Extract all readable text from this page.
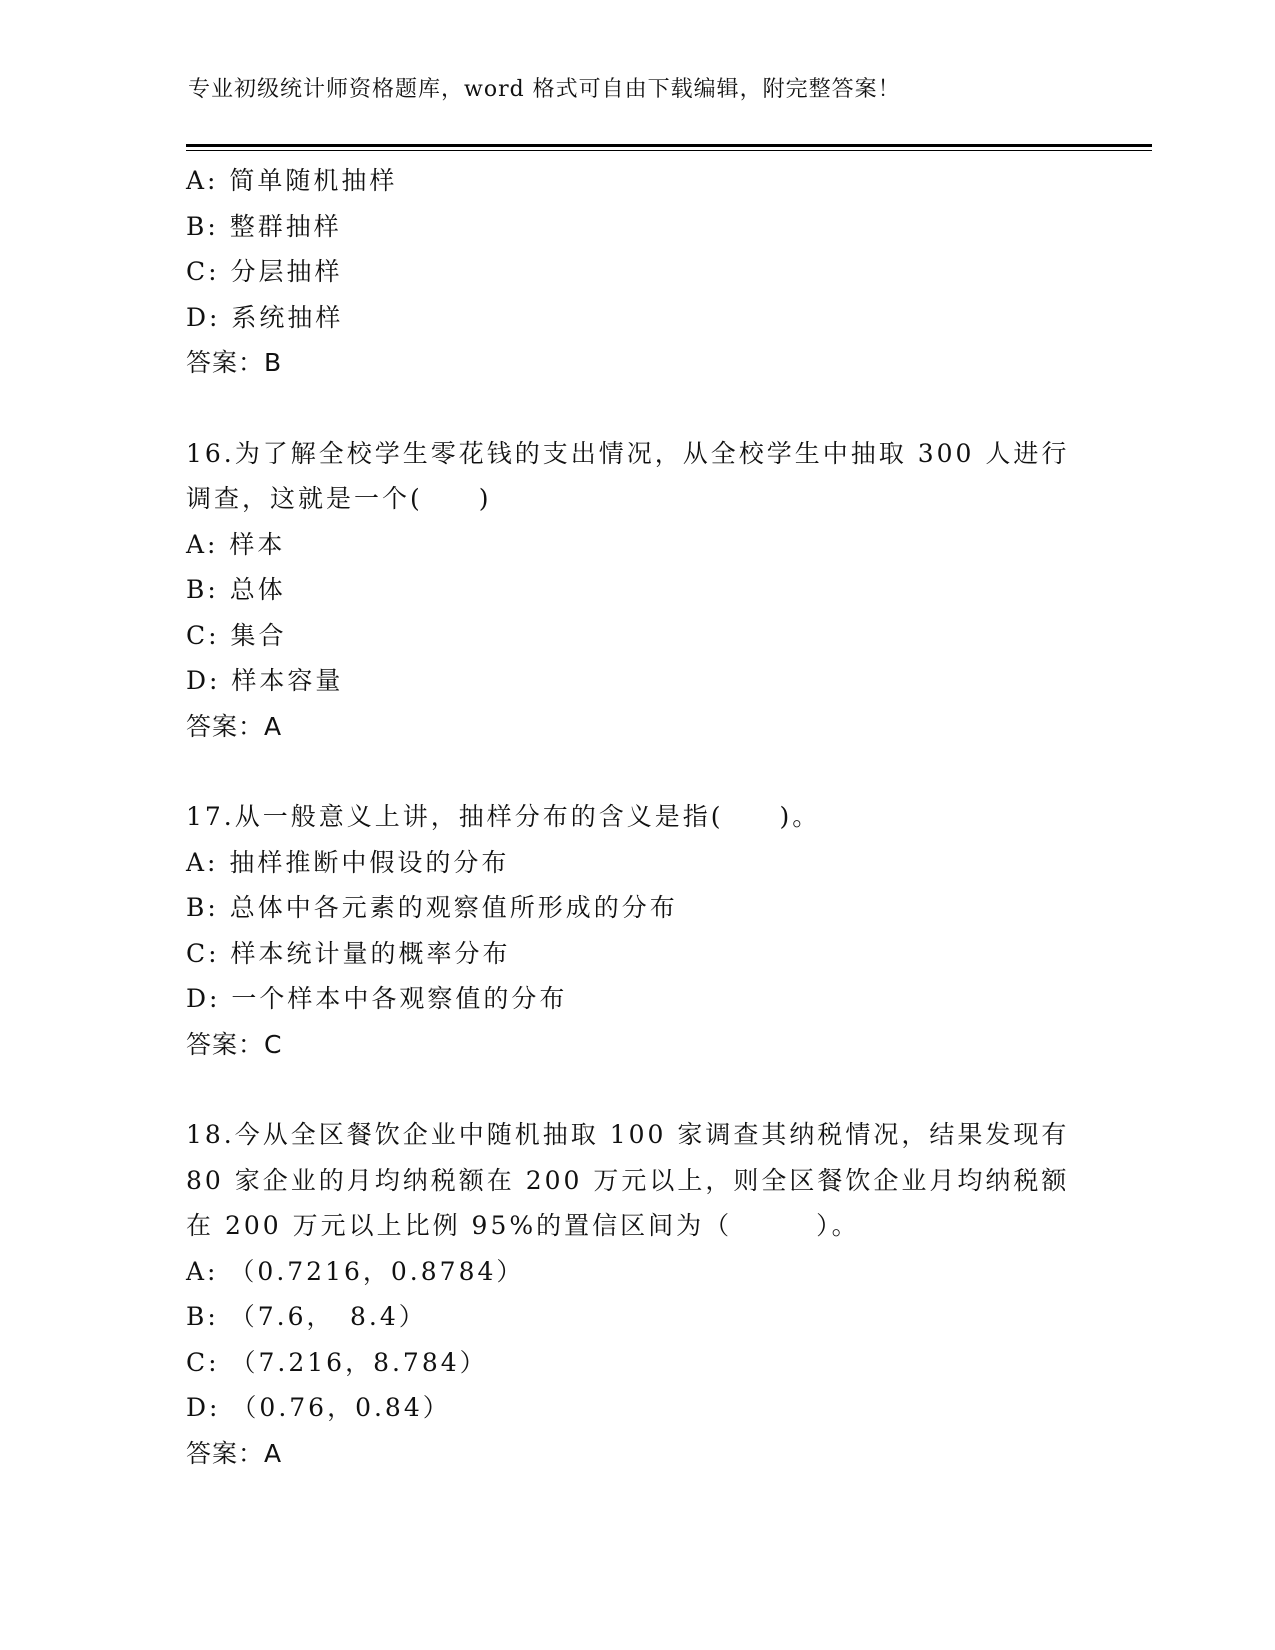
专业初级统计师资格题库，word 格式可自由下载编辑，附完整答案！
A: 简单随机抽样
B: 整群抽样
C: 分层抽样
D: 系统抽样
答案：B
16.为了解全校学生零花钱的支出情况，从全校学生中抽取 300 人进行
调查，这就是一个(　　)
A: 样本
B: 总体
C: 集合
D: 样本容量
答案：A
17.从一般意义上讲，抽样分布的含义是指(　　)。
A: 抽样推断中假设的分布
B: 总体中各元素的观察值所形成的分布
C: 样本统计量的概率分布
D: 一个样本中各观察值的分布
答案：C
18.今从全区餐饮企业中随机抽取 100 家调查其纳税情况，结果发现有
80 家企业的月均纳税额在 200 万元以上，则全区餐饮企业月均纳税额
在 200 万元以上比例 95%的置信区间为（　　　）。
A: （0.7216，0.8784）
B: （7.6，　8.4）
C: （7.216，8.784）
D: （0.76，0.84）
答案：A
